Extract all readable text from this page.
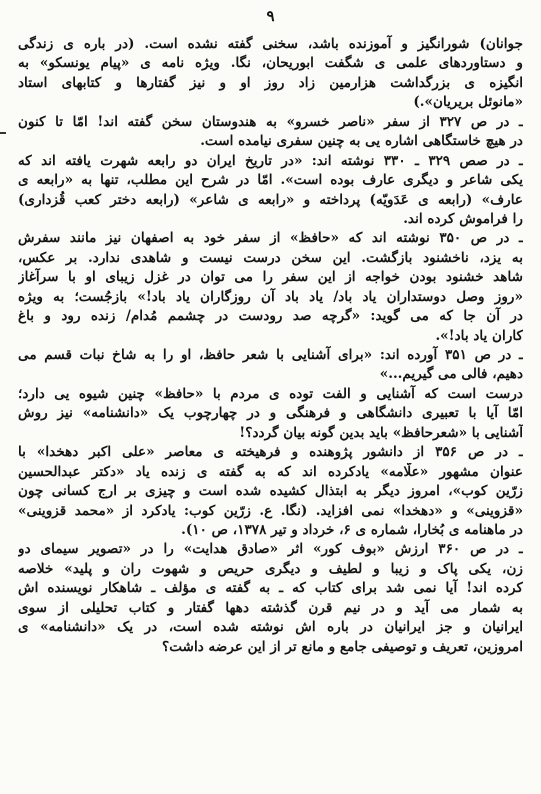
۹
جوانان) شورانگیز و آموزنده باشد، سخنی گفته نشده است. (در باره ی زندگی
و دستاوردهای علمی ی شگفت ابوریحان، نگا. ویژه نامه ی «پیام یونسکو» به
انگیزه ی بزرگداشت هزارمین زاد روز او و نیز گفتارها و کتابهای استاد
«مانوئل بریریان».)
ـ در ص ۳۲۷ از سفر «ناصر خسرو» به هندوستان سخن گفته اند! امّا تا کنون
در هیچ خاستگاهی اشاره یی به چنین سفری نیامده است.
ـ در صص ۳۲۹ ـ ۳۳۰ نوشته اند: «در تاریخ ایران دو رابعه شهرت یافته اند که
یکی شاعر و دیگری عارف بوده است». امّا در شرح این مطلب، تنها به «رابعه ی
عارف» (رابعه ی عَدَویّه) پرداخته و «رابعه ی شاعر» (رابعه دختر کعب قُزداری)
را فراموش کرده اند.
ـ در ص ۳۵۰ نوشته اند که «حافظ» از سفر خود به اصفهان نیز مانند سفرش
به یزد، ناخشنود بازگشت. این سخن درست نیست و شاهدی ندارد. بر عکس،
شاهد خشنود بودن خواجه از این سفر را می توان در غزل زیبای او با سرآغاز
«روز وصل دوستداران یاد باد/ یاد باد آن روزگاران یاد باد!» بازجُست؛ به ویژه
در آن جا که می گوید: «گرچه صد رودست در چشمم مُدام/ زنده رود و باغ
کاران یاد باد!».
ـ در ص ۳۵۱ آورده اند: «برای آشنایی با شعر حافظ، او را به شاخ نبات قسم می
دهیم، فالی می گیریم...»
درست است که آشنایی و الفت توده ی مردم با «حافظ» چنین شیوه یی دارد؛
امّا آیا با تعبیری دانشگاهی و فرهنگی و در چهارچوب یک «دانشنامه» نیز روش
آشنایی با «شعرحافظ» باید بدین گونه بیان گردد؟!
ـ در ص ۳۵۶ از دانشور پژوهنده و فرهیخته ی معاصر «علی اکبر دهخدا» با
عنوان مشهور «علّامه» یادکرده اند که به گفته ی زنده یاد «دکتر عبدالحسین
زرّین کوب»، امروز دیگر به ابتذال کشیده شده است و چیزی بر ارج کسانی چون
«قزوینی» و «دهخدا» نمی افزاید. (نگا. ع. زرّین کوب: یادکرد از «محمد قزوینی»
در ماهنامه ی بُخارا، شماره ی ۶، خرداد و تیر ۱۳۷۸، ص ۱۰).
ـ در ص ۳۶۰ ارزش «بوف کور» اثر «صادق هدایت» را در «تصویر سیمای دو
زن، یکی پاک و زیبا و لطیف و دیگری حریص و شهوت ران و پلید» خلاصه
کرده اند! آیا نمی شد برای کتاب که ـ به گفته ی مؤلف ـ شاهکار نویسنده اش
به شمار می آید و در نیم قرن گذشته دهها گفتار و کتاب تحلیلی از سوی
ایرانیان و جز ایرانیان در باره اش نوشته شده است، در یک «دانشنامه» ی
امروزین، تعریف و توصیفی جامع و مانع تر از این عرضه داشت؟
